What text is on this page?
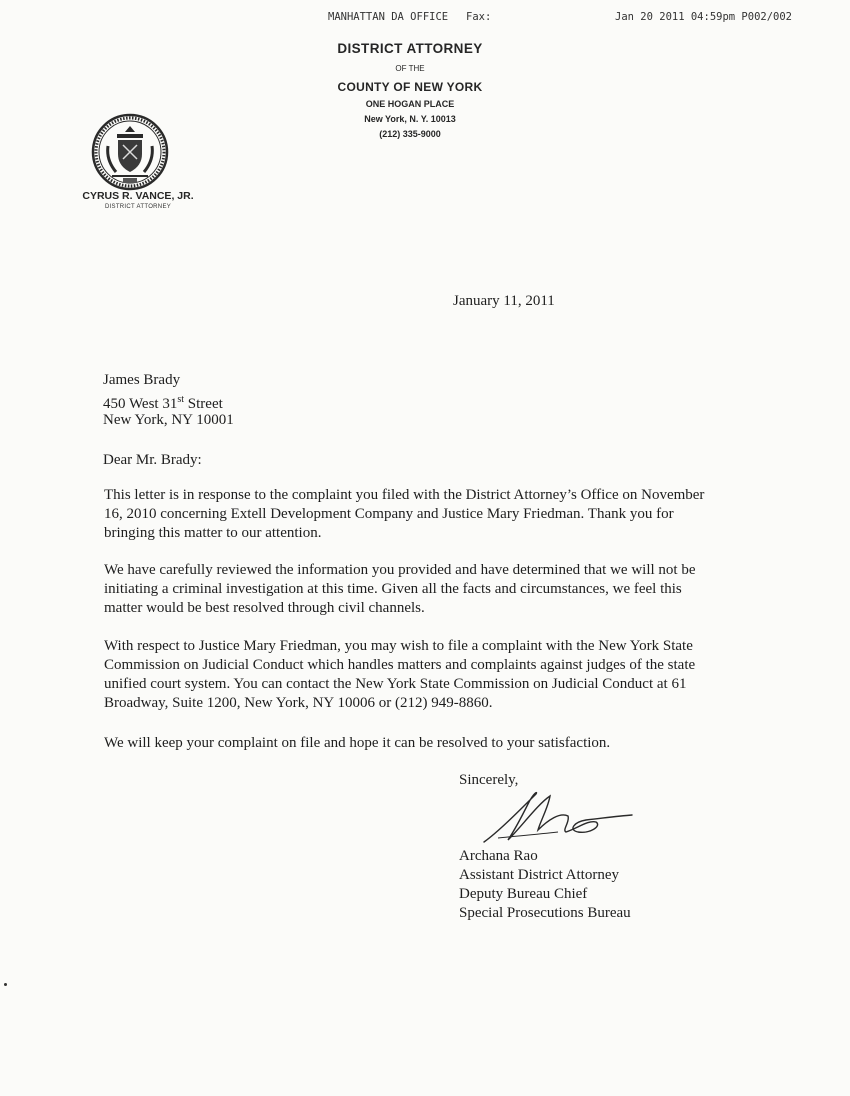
MANHATTAN DA OFFICE Fax:	Jan 20 2011 04:59pm P002/002
DISTRICT ATTORNEY
OF THE
COUNTY OF NEW YORK
ONE HOGAN PLACE
New York, N. Y. 10013
(212) 335-9000
CYRUS R. VANCE, JR.
DISTRICT ATTORNEY
January 11, 2011
James Brady
450 West 31st Street
New York, NY 10001
Dear Mr. Brady:
This letter is in response to the complaint you filed with the District Attorney’s Office on November
16, 2010 concerning Extell Development Company and Justice Mary Friedman. Thank you for
bringing this matter to our attention.
We have carefully reviewed the information you provided and have determined that we will not be
initiating a criminal investigation at this time. Given all the facts and circumstances, we feel this
matter would be best resolved through civil channels.
With respect to Justice Mary Friedman, you may wish to file a complaint with the New York State
Commission on Judicial Conduct which handles matters and complaints against judges of the state
unified court system. You can contact the New York State Commission on Judicial Conduct at 61
Broadway, Suite 1200, New York, NY 10006 or (212) 949-8860.
We will keep your complaint on file and hope it can be resolved to your satisfaction.
Sincerely,
Archana Rao
Assistant District Attorney
Deputy Bureau Chief
Special Prosecutions Bureau
